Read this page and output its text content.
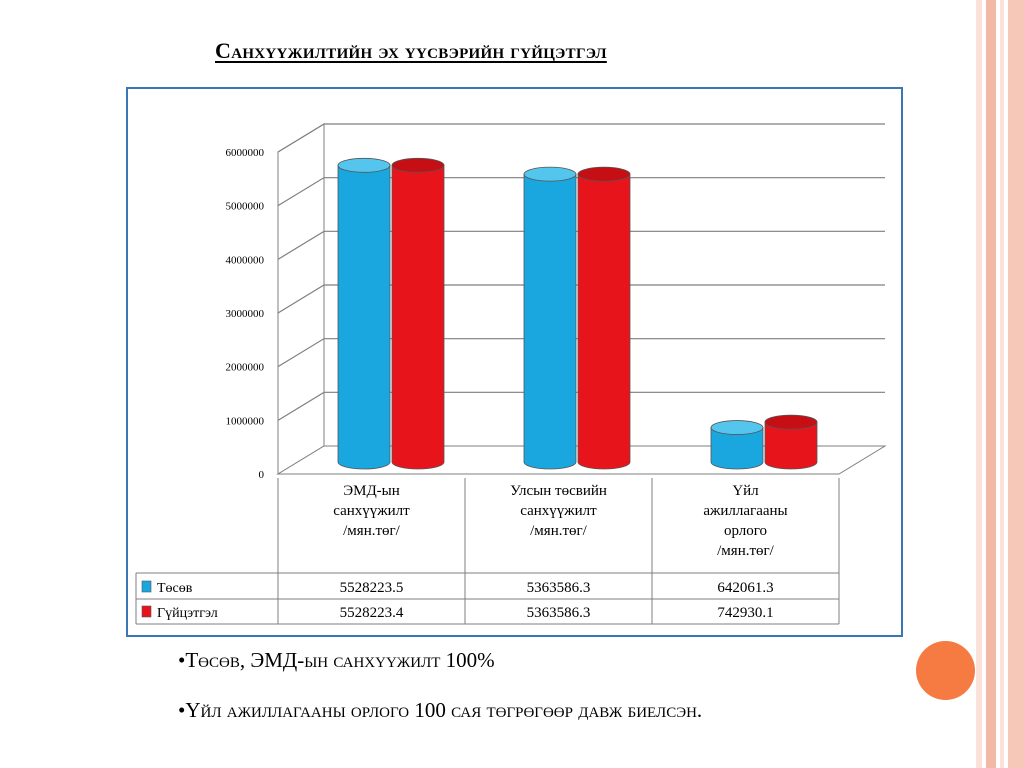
Санхүүжилтийн эх үүсвэрийн гүйцэтгэл
0
1000000
2000000
3000000
4000000
5000000
6000000
ЭМД-ын
санхүүжилт
/мян.төг/
Улсын төсвийн
санхүүжилт
/мян.төг/
Үйл
ажиллагааны
орлого
/мян.төг/
Төсөв	5528223.5	5363586.3	642061.3
Гүйцэтгэл	5528223.4	5363586.3	742930.1

•Төсөв, ЭМД-ын санхүүжилт 100%

•Үйл ажиллагааны орлого 100 сая төгрөгөөр давж биелсэн.
